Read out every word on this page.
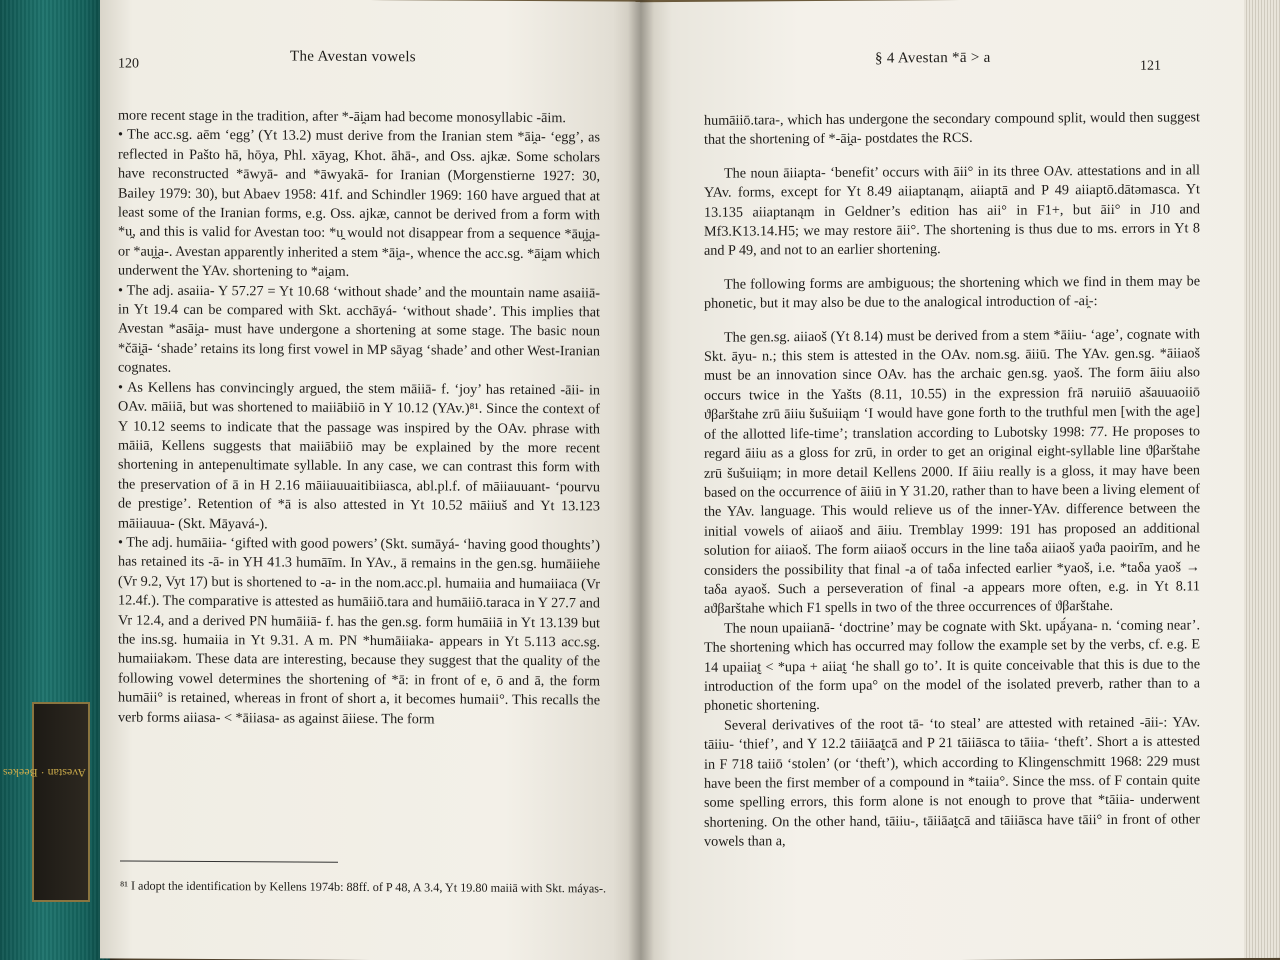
Avestan · Beekes
120	The Avestan vowels

more recent stage in the tradition, after *-āi̯am had become monosyllabic -āim.

• The acc.sg. aēm ‘egg’ (Yt 13.2) must derive from the Iranian stem *āi̯a- ‘egg’, as reflected in Pašto hā, hōya, Phl. xāyag, Khot. āhā-, and Oss. ajkæ. Some scholars have reconstructed *āwyā- and *āwyakā- for Iranian (Morgenstierne 1927: 30, Bailey 1979: 30), but Abaev 1958: 41f. and Schindler 1969: 160 have argued that at least some of the Iranian forms, e.g. Oss. ajkæ, cannot be derived from a form with *u̯, and this is valid for Avestan too: *u̯ would not disappear from a sequence *āu̯i̯a- or *au̯i̯a-. Avestan apparently inherited a stem *āi̯a-, whence the acc.sg. *āi̯am which underwent the YAv. shortening to *ai̯am.

• The adj. asaiia- Y 57.27 = Yt 10.68 ‘without shade’ and the mountain name asaiiā- in Yt 19.4 can be compared with Skt. acchāyá- ‘without shade’. This implies that Avestan *asāi̯a- must have undergone a shortening at some stage. The basic noun *čāi̯ā- ‘shade’ retains its long first vowel in MP sāyag ‘shade’ and other West-Iranian cognates.

• As Kellens has convincingly argued, the stem māiiā- f. ‘joy’ has retained -āii- in OAv. māiiā, but was shortened to maiiābiiō in Y 10.12 (YAv.)⁸¹. Since the context of Y 10.12 seems to indicate that the passage was inspired by the OAv. phrase with māiiā, Kellens suggests that maiiābiiō may be explained by the more recent shortening in antepenultimate syllable. In any case, we can contrast this form with the preservation of ā in H 2.16 māiiauuaitibiiasca, abl.pl.f. of māiiauuant- ‘pourvu de prestige’. Retention of *ā is also attested in Yt 10.52 māiiuš and Yt 13.123 māiiauua- (Skt. Māyavá-).

• The adj. humāiia- ‘gifted with good powers’ (Skt. sumāyá- ‘having good thoughts’) has retained its -ā- in YH 41.3 humāīm. In YAv., ā remains in the gen.sg. humāiiehe (Vr 9.2, Vyt 17) but is shortened to -a- in the nom.acc.pl. humaiia and humaiiaca (Vr 12.4f.). The comparative is attested as humāiiō.tara and humāiiō.taraca in Y 27.7 and Vr 12.4, and a derived PN humāiiā- f. has the gen.sg. form humāiiā in Yt 13.139 but the ins.sg. humaiia in Yt 9.31. A m. PN *humāiiaka- appears in Yt 5.113 acc.sg. humaiiakəm. These data are interesting, because they suggest that the quality of the following vowel determines the shortening of *ā: in front of e, ō and ā, the form humāii° is retained, whereas in front of short a, it becomes humaii°. This recalls the verb forms aiiasa- < *āiiasa- as against āiiese. The form

⁸¹ I adopt the identification by Kellens 1974b: 88ff. of P 48, A 3.4, Yt 19.80 maiiā with Skt. máyas-.
§ 4 Avestan *ā > a	121

humāiiō.tara-, which has undergone the secondary compound split, would then suggest that the shortening of *-āi̯a- postdates the RCS.

The noun āiiapta- ‘benefit’ occurs with āii° in its three OAv. attestations and in all YAv. forms, except for Yt 8.49 aiiaptanąm, aiiaptā and P 49 aiiaptō.dātəmasca. Yt 13.135 aiiaptanąm in Geldner’s edition has aii° in F1+, but āii° in J10 and Mf3.K13.14.H5; we may restore āii°. The shortening is thus due to ms. errors in Yt 8 and P 49, and not to an earlier shortening.

The following forms are ambiguous; the shortening which we find in them may be phonetic, but it may also be due to the analogical introduction of -ai̯-:

The gen.sg. aiiaoš (Yt 8.14) must be derived from a stem *āiiu- ‘age’, cognate with Skt. āyu- n.; this stem is attested in the OAv. nom.sg. āiiū. The YAv. gen.sg. *āiiaoš must be an innovation since OAv. has the archaic gen.sg. yaoš. The form āiiu also occurs twice in the Yašts (8.11, 10.55) in the expression frā nəruiiō ašauuaoiiō ϑβarštahe zrū āiiu šušuiiąm ‘I would have gone forth to the truthful men [with the age] of the allotted life-time’; translation according to Lubotsky 1998: 77. He proposes to regard āiiu as a gloss for zrū, in order to get an original eight-syllable line ϑβarštahe zrū šušuiiąm; in more detail Kellens 2000. If āiiu really is a gloss, it may have been based on the occurrence of āiiū in Y 31.20, rather than to have been a living element of the YAv. language. This would relieve us of the inner-YAv. difference between the initial vowels of aiiaoš and āiiu. Tremblay 1999: 191 has proposed an additional solution for aiiaoš. The form aiiaoš occurs in the line taδa aiiaoš yaϑa paoirīm, and he considers the possibility that final -a of taδa infected earlier *yaoš, i.e. *taδa yaoš → taδa ayaoš. Such a perseveration of final -a appears more often, e.g. in Yt 8.11 aϑβarštahe which F1 spells in two of the three occurrences of ϑβarštahe.

The noun upaiianā- ‘doctrine’ may be cognate with Skt. upā́yana- n. ‘coming near’. The shortening which has occurred may follow the example set by the verbs, cf. e.g. E 14 upaiiat̰ < *upa + aiiat̰ ‘he shall go to’. It is quite conceivable that this is due to the introduction of the form upa° on the model of the isolated preverb, rather than to a phonetic shortening.

Several derivatives of the root tā- ‘to steal’ are attested with retained -āii-: YAv. tāiiu- ‘thief’, and Y 12.2 tāiiāat̰cā and P 21 tāiiāsca to tāiia- ‘theft’. Short a is attested in F 718 taiiō ‘stolen’ (or ‘theft’), which according to Klingenschmitt 1968: 229 must have been the first member of a compound in *taiia°. Since the mss. of F contain quite some spelling errors, this form alone is not enough to prove that *tāiia- underwent shortening. On the other hand, tāiiu-, tāiiāat̰cā and tāiiāsca have tāii° in front of other vowels than a,
